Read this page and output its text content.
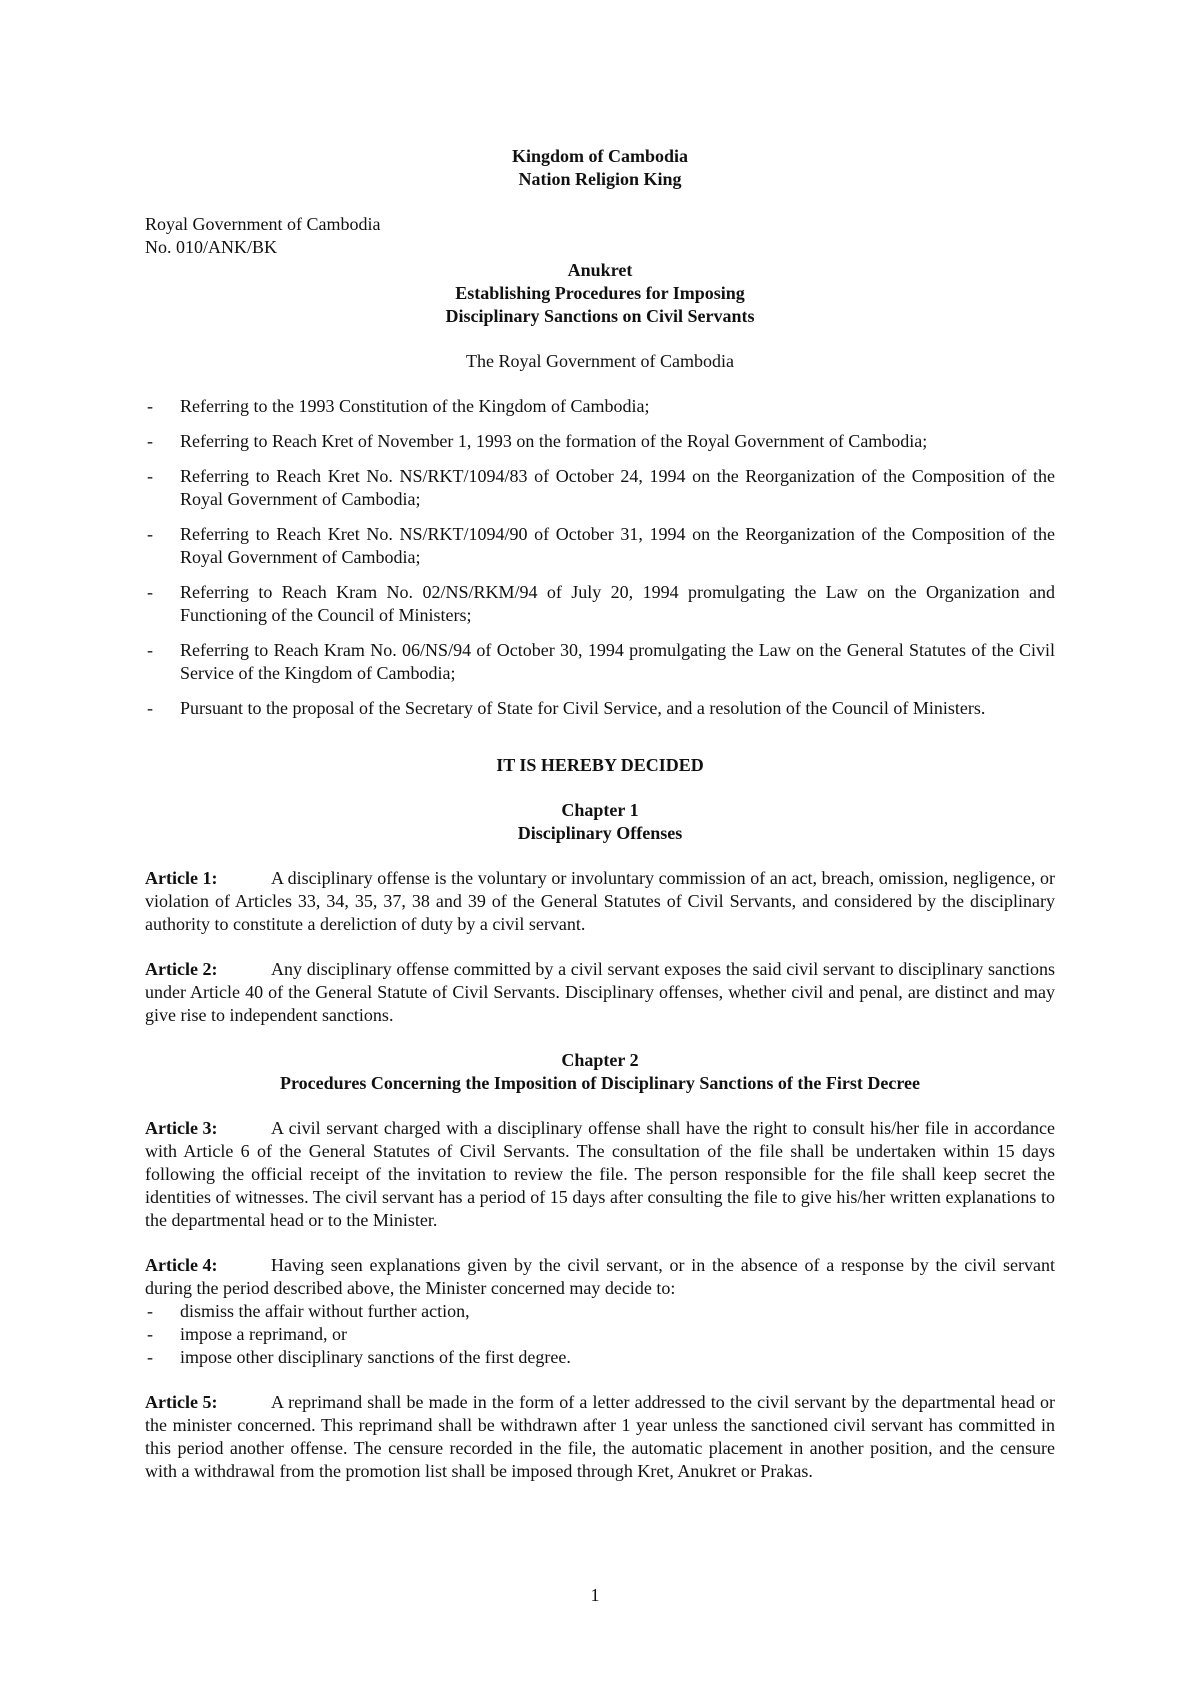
Kingdom of Cambodia
Nation Religion King
Royal Government of Cambodia
No. 010/ANK/BK
Anukret
Establishing Procedures for Imposing
Disciplinary Sanctions on Civil Servants
The Royal Government of Cambodia
- Referring to the 1993 Constitution of the Kingdom of Cambodia;
- Referring to Reach Kret of November 1, 1993 on the formation of the Royal Government of Cambodia;
- Referring to Reach Kret No. NS/RKT/1094/83 of October 24, 1994 on the Reorganization of the Composition of the Royal Government of Cambodia;
- Referring to Reach Kret No. NS/RKT/1094/90 of October 31, 1994 on the Reorganization of the Composition of the Royal Government of Cambodia;
- Referring to Reach Kram No. 02/NS/RKM/94 of July 20, 1994 promulgating the Law on the Organization and Functioning of the Council of Ministers;
- Referring to Reach Kram No. 06/NS/94 of October 30, 1994 promulgating the Law on the General Statutes of the Civil Service of the Kingdom of Cambodia;
- Pursuant to the proposal of the Secretary of State for Civil Service, and a resolution of the Council of Ministers.
IT IS HEREBY DECIDED
Chapter 1
Disciplinary Offenses
Article 1:	A disciplinary offense is the voluntary or involuntary commission of an act, breach, omission, negligence, or violation of Articles 33, 34, 35, 37, 38 and 39 of the General Statutes of Civil Servants, and considered by the disciplinary authority to constitute a dereliction of duty by a civil servant.
Article 2:	Any disciplinary offense committed by a civil servant exposes the said civil servant to disciplinary sanctions under Article 40 of the General Statute of Civil Servants. Disciplinary offenses, whether civil and penal, are distinct and may give rise to independent sanctions.
Chapter 2
Procedures Concerning the Imposition of Disciplinary Sanctions of the First Decree
Article 3:	A civil servant charged with a disciplinary offense shall have the right to consult his/her file in accordance with Article 6 of the General Statutes of Civil Servants. The consultation of the file shall be undertaken within 15 days following the official receipt of the invitation to review the file. The person responsible for the file shall keep secret the identities of witnesses. The civil servant has a period of 15 days after consulting the file to give his/her written explanations to the departmental head or to the Minister.
Article 4:	Having seen explanations given by the civil servant, or in the absence of a response by the civil servant during the period described above, the Minister concerned may decide to:
- dismiss the affair without further action,
- impose a reprimand, or
- impose other disciplinary sanctions of the first degree.
Article 5:	A reprimand shall be made in the form of a letter addressed to the civil servant by the departmental head or the minister concerned. This reprimand shall be withdrawn after 1 year unless the sanctioned civil servant has committed in this period another offense. The censure recorded in the file, the automatic placement in another position, and the censure with a withdrawal from the promotion list shall be imposed through Kret, Anukret or Prakas.
1
